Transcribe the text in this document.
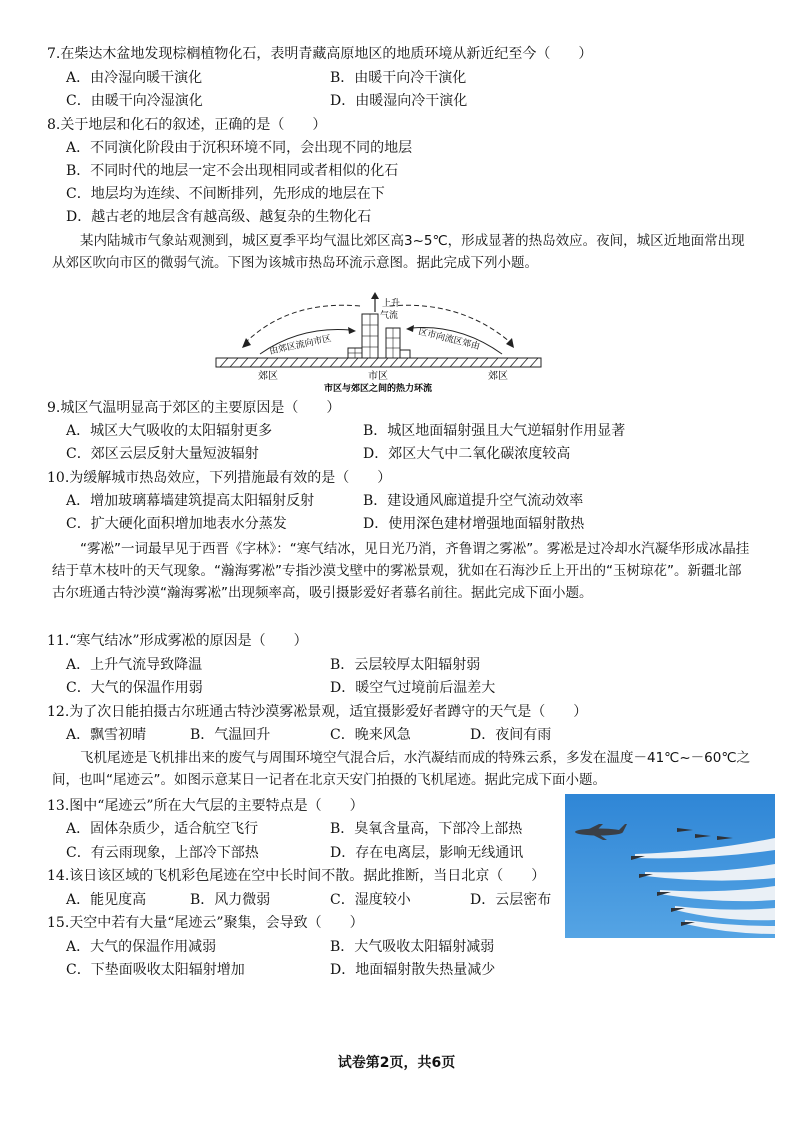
7.在柴达木盆地发现棕榈植物化石，表明青藏高原地区的地质环境从新近纪至今（　　）
A．由冷湿向暖干演化	B．由暖干向冷干演化
C．由暖干向冷湿演化	D．由暖湿向冷干演化
8.关于地层和化石的叙述，正确的是（　　）
A．不同演化阶段由于沉积环境不同，会出现不同的地层
B．不同时代的地层一定不会出现相同或者相似的化石
C．地层均为连续、不间断排列，先形成的地层在下
D．越古老的地层含有越高级、越复杂的生物化石
某内陆城市气象站观测到，城区夏季平均气温比郊区高3~5℃，形成显著的热岛效应。夜间，城区近地面常出现从郊区吹向市区的微弱气流。下图为该城市热岛环流示意图。据此完成下列小题。
上升
气流
由郊区流向市区	区市向流区郊由
郊区	市区	郊区
市区与郊区之间的热力环流
9.城区气温明显高于郊区的主要原因是（　　）
A．城区大气吸收的太阳辐射更多	B．城区地面辐射强且大气逆辐射作用显著
C．郊区云层反射大量短波辐射	D．郊区大气中二氧化碳浓度较高
10.为缓解城市热岛效应，下列措施最有效的是（　　）
A．增加玻璃幕墙建筑提高太阳辐射反射	B．建设通风廊道提升空气流动效率
C．扩大硬化面积增加地表水分蒸发	D．使用深色建材增强地面辐射散热
“雾凇”一词最早见于西晋《字林》：“寒气结冰，见日光乃消，齐鲁谓之雾凇”。雾凇是过冷却水汽凝华形成冰晶挂结于草木枝叶的天气现象。“瀚海雾凇”专指沙漠戈壁中的雾凇景观，犹如在石海沙丘上开出的“玉树琼花”。新疆北部古尔班通古特沙漠“瀚海雾凇”出现频率高，吸引摄影爱好者慕名前往。据此完成下面小题。
11.“寒气结冰”形成雾凇的原因是（　　）
A．上升气流导致降温	B．云层较厚太阳辐射弱
C．大气的保温作用弱	D．暖空气过境前后温差大
12.为了次日能拍摄古尔班通古特沙漠雾凇景观，适宜摄影爱好者蹲守的天气是（　　）
A．飘雪初晴	B．气温回升	C．晚来风急	D．夜间有雨
飞机尾迹是飞机排出来的废气与周围环境空气混合后，水汽凝结而成的特殊云系，多发在温度－41℃~－60℃之间，也叫“尾迹云”。如图示意某日一记者在北京天安门拍摄的飞机尾迹。据此完成下面小题。
13.图中“尾迹云”所在大气层的主要特点是（　　）
A．固体杂质少，适合航空飞行	B．臭氧含量高，下部冷上部热
C．有云雨现象，上部冷下部热	D．存在电离层，影响无线通讯
14.该日该区域的飞机彩色尾迹在空中长时间不散。据此推断，当日北京（　　）
A．能见度高	B．风力微弱	C．湿度较小	D．云层密布
15.天空中若有大量“尾迹云”聚集，会导致（　　）
A．大气的保温作用减弱	B．大气吸收太阳辐射减弱
C．下垫面吸收太阳辐射增加	D．地面辐射散失热量减少
试卷第2页，共6页
